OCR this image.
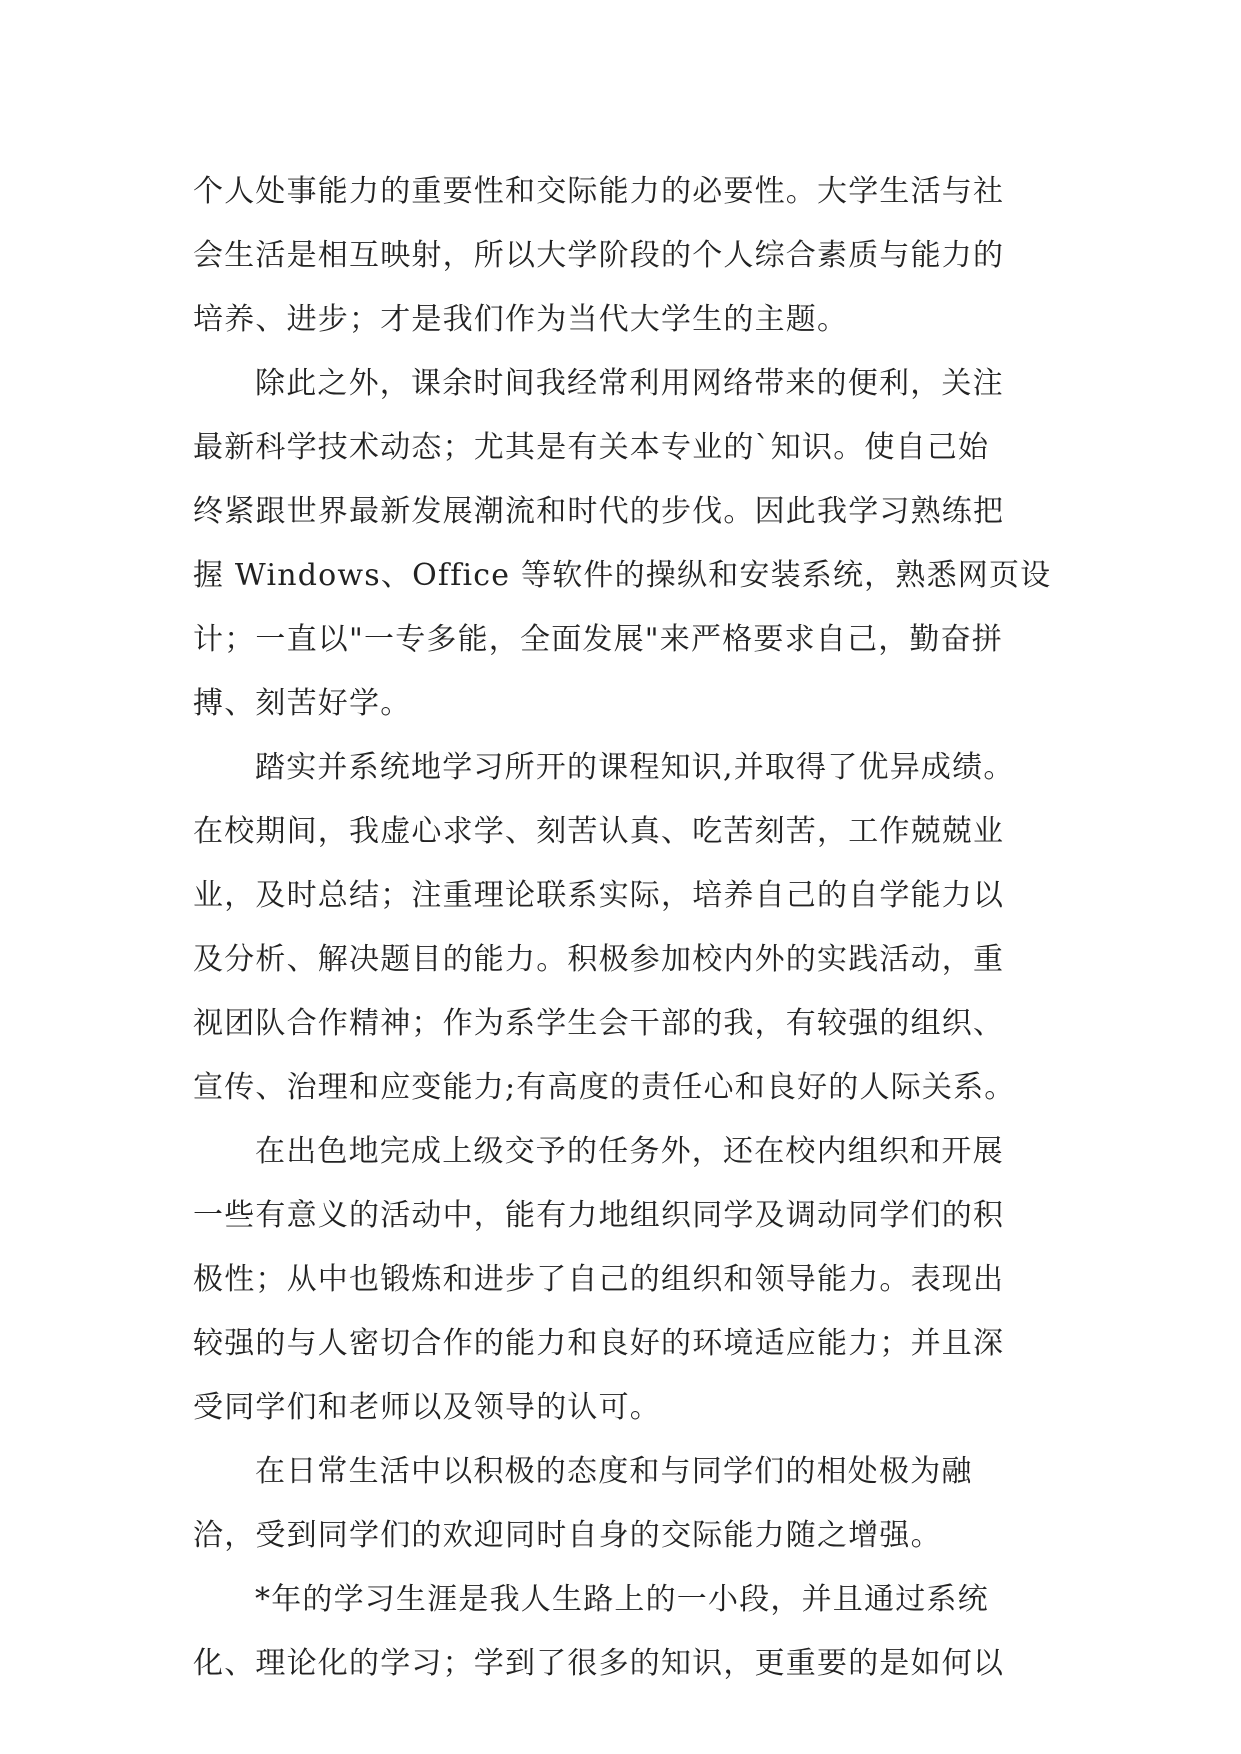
个人处事能力的重要性和交际能力的必要性。大学生活与社
会生活是相互映射，所以大学阶段的个人综合素质与能力的
培养、进步；才是我们作为当代大学生的主题。
除此之外，课余时间我经常利用网络带来的便利，关注
最新科学技术动态；尤其是有关本专业的`知识。使自己始
终紧跟世界最新发展潮流和时代的步伐。因此我学习熟练把
握 Windows、Office 等软件的操纵和安装系统，熟悉网页设
计；一直以"一专多能，全面发展"来严格要求自己，勤奋拼
搏、刻苦好学。
踏实并系统地学习所开的课程知识,并取得了优异成绩。
在校期间，我虚心求学、刻苦认真、吃苦刻苦，工作兢兢业
业，及时总结；注重理论联系实际，培养自己的自学能力以
及分析、解决题目的能力。积极参加校内外的实践活动，重
视团队合作精神；作为系学生会干部的我，有较强的组织、
宣传、治理和应变能力;有高度的责任心和良好的人际关系。
在出色地完成上级交予的任务外，还在校内组织和开展
一些有意义的活动中，能有力地组织同学及调动同学们的积
极性；从中也锻炼和进步了自己的组织和领导能力。表现出
较强的与人密切合作的能力和良好的环境适应能力；并且深
受同学们和老师以及领导的认可。
在日常生活中以积极的态度和与同学们的相处极为融
洽，受到同学们的欢迎同时自身的交际能力随之增强。
*年的学习生涯是我人生路上的一小段，并且通过系统
化、理论化的学习；学到了很多的知识，更重要的是如何以
